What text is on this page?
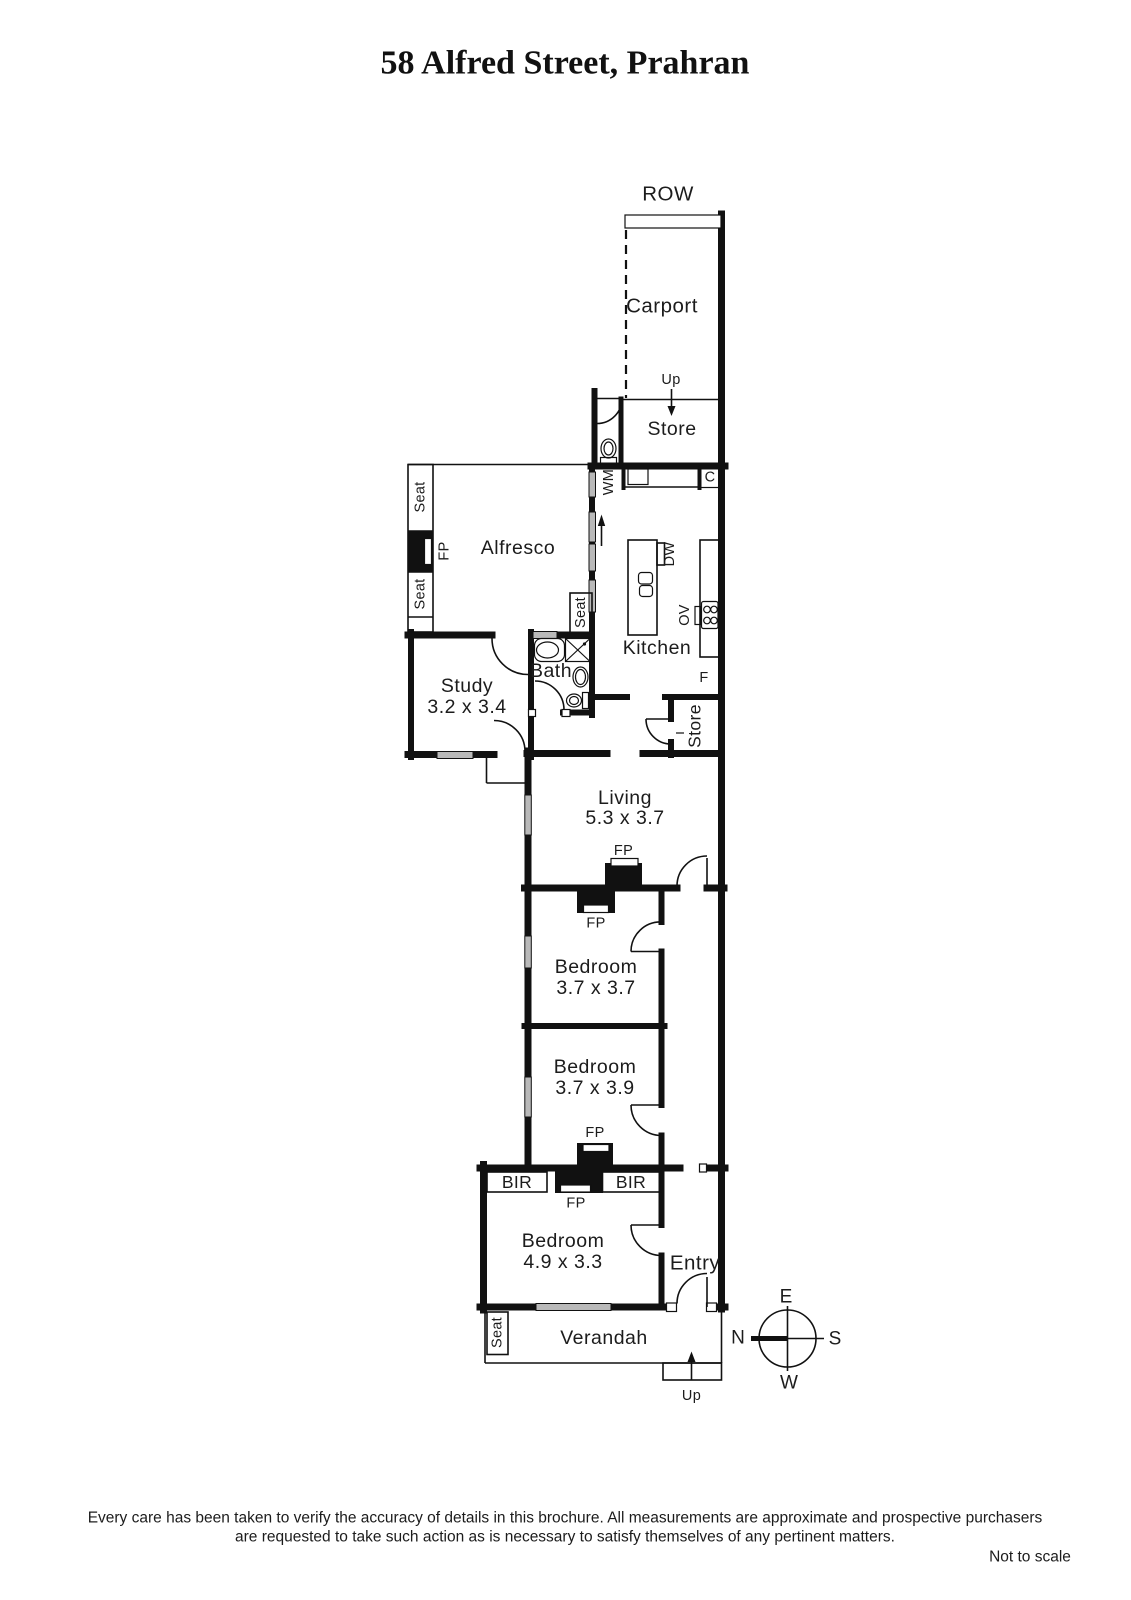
58 Alfred Street, Prahran
ROW
Carport
Up
Store
WM	C
Seat
Seat
FP
Seat
Alfresco	DW
OV
Kitchen
F
Study
3.2 x 3.4
Bath
Store
Living
5.3 x 3.7
FP
FP
Bedroom
3.7 x 3.7
Bedroom
3.7 x 3.9
FP
FP
BIR	BIR
Bedroom
4.9 x 3.3	Entry
Seat	Verandah
Up
E
N	S
W
Every care has been taken to verify the accuracy of details in this brochure. All measurements are approximate and prospective purchasers
are requested to take such action as is necessary to satisfy themselves of any pertinent matters.
Not to scale
